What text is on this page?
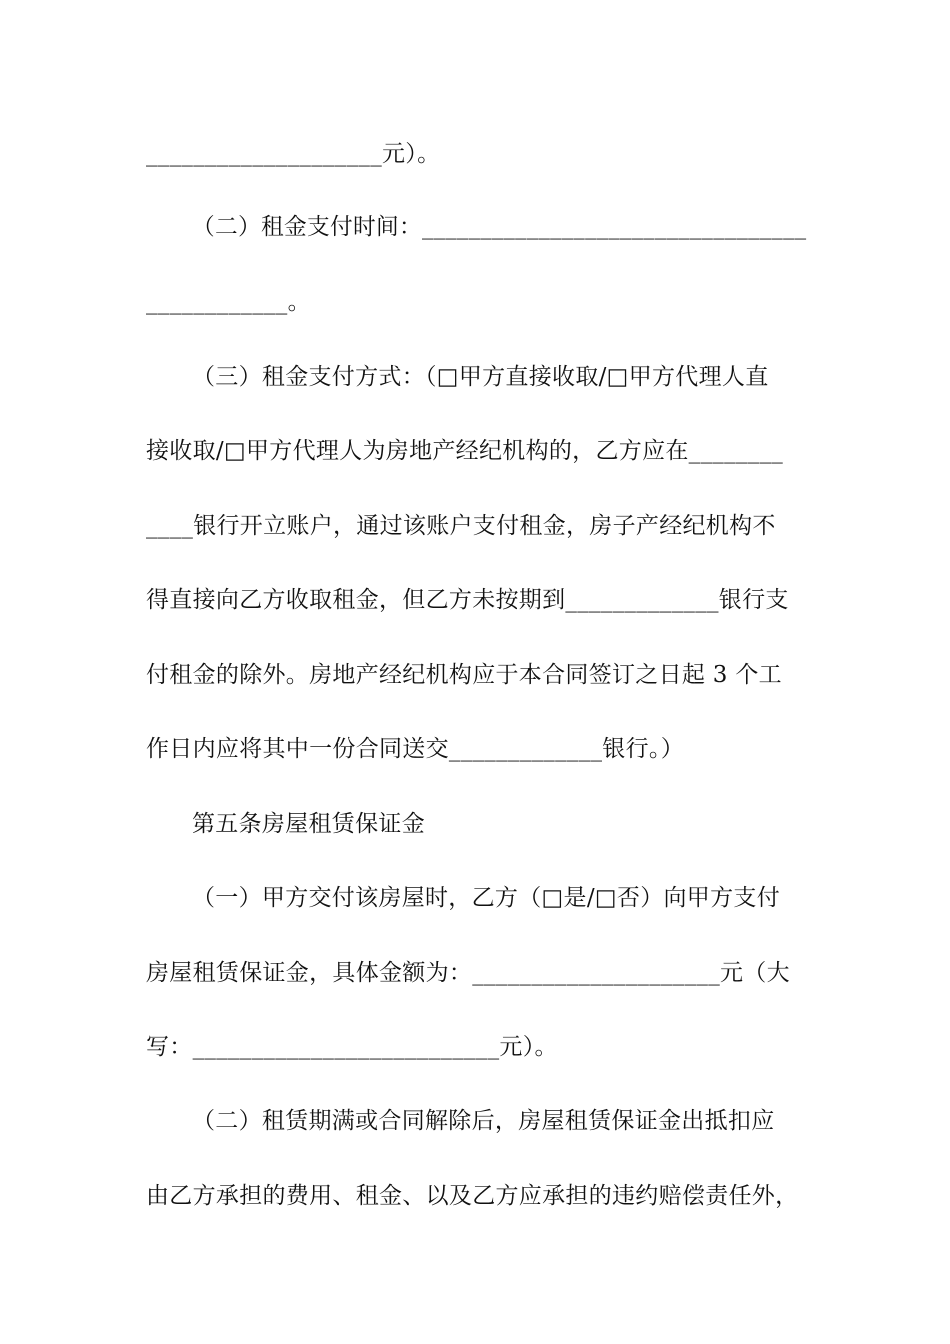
____________________元）。
（二）租金支付时间：_________________________________
____________。
（三）租金支付方式：（□甲方直接收取/□甲方代理人直
接收取/□甲方代理人为房地产经纪机构的，乙方应在________
____银行开立账户，通过该账户支付租金，房子产经纪机构不
得直接向乙方收取租金，但乙方未按期到_____________银行支
付租金的除外。房地产经纪机构应于本合同签订之日起 3 个工
作日内应将其中一份合同送交_____________银行。）
第五条房屋租赁保证金
（一）甲方交付该房屋时，乙方（□是/□否）向甲方支付
房屋租赁保证金，具体金额为：_____________________元（大
写：__________________________元）。
（二）租赁期满或合同解除后，房屋租赁保证金出抵扣应
由乙方承担的费用、租金、以及乙方应承担的违约赔偿责任外，
